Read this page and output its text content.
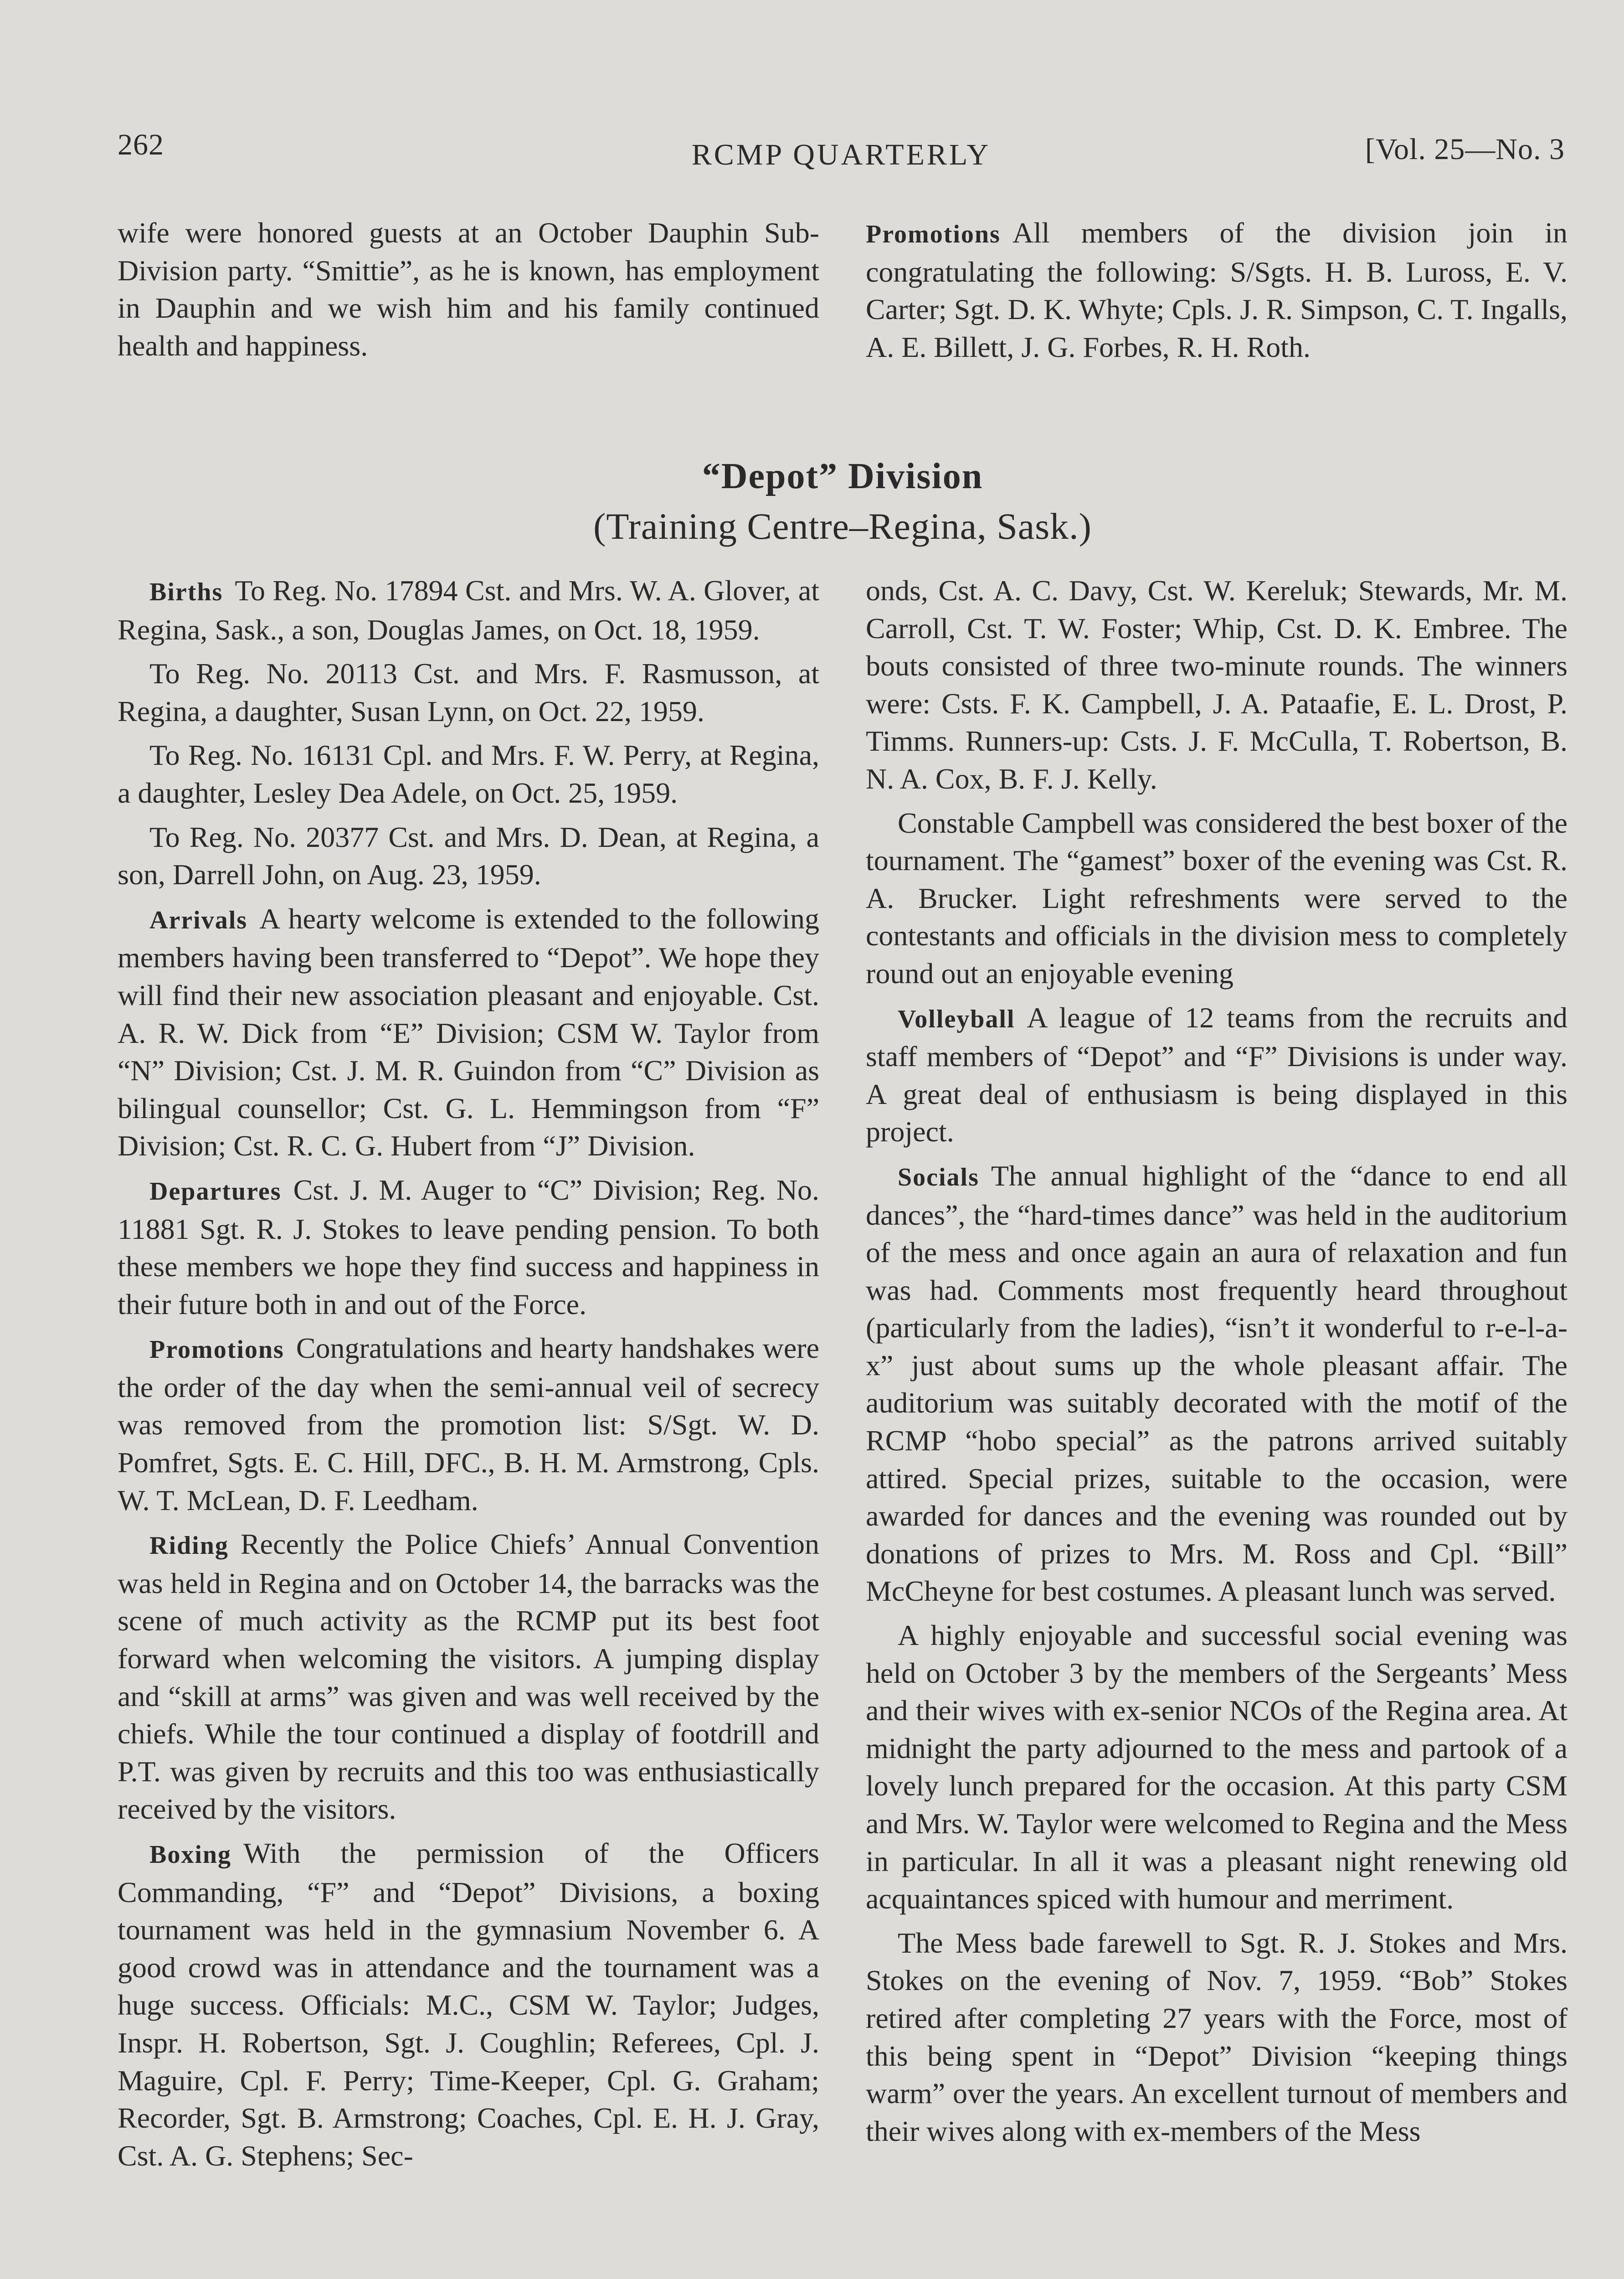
262	RCMP QUARTERLY	[Vol. 25—No. 3

wife were honored guests at an October Dauphin Sub-Division party. “Smittie”, as he is known, has employment in Dauphin and we wish him and his family continued health and happiness.

Promotions All members of the division join in congratulating the following: S/Sgts. H. B. Luross, E. V. Carter; Sgt. D. K. Whyte; Cpls. J. R. Simpson, C. T. Ingalls, A. E. Billett, J. G. Forbes, R. H. Roth.

“Depot” Division
(Training Centre–Regina, Sask.)

Births To Reg. No. 17894 Cst. and Mrs. W. A. Glover, at Regina, Sask., a son, Douglas James, on Oct. 18, 1959.

To Reg. No. 20113 Cst. and Mrs. F. Rasmusson, at Regina, a daughter, Susan Lynn, on Oct. 22, 1959.

To Reg. No. 16131 Cpl. and Mrs. F. W. Perry, at Regina, a daughter, Lesley Dea Adele, on Oct. 25, 1959.

To Reg. No. 20377 Cst. and Mrs. D. Dean, at Regina, a son, Darrell John, on Aug. 23, 1959.

Arrivals A hearty welcome is extended to the following members having been transferred to “Depot”. We hope they will find their new association pleasant and enjoyable. Cst. A. R. W. Dick from “E” Division; CSM W. Taylor from “N” Division; Cst. J. M. R. Guindon from “C” Division as bilingual counsellor; Cst. G. L. Hemmingson from “F” Division; Cst. R. C. G. Hubert from “J” Division.

Departures Cst. J. M. Auger to “C” Division; Reg. No. 11881 Sgt. R. J. Stokes to leave pending pension. To both these members we hope they find success and happiness in their future both in and out of the Force.

Promotions Congratulations and hearty handshakes were the order of the day when the semi-annual veil of secrecy was removed from the promotion list: S/Sgt. W. D. Pomfret, Sgts. E. C. Hill, DFC., B. H. M. Armstrong, Cpls. W. T. McLean, D. F. Leedham.

Riding Recently the Police Chiefs’ Annual Convention was held in Regina and on October 14, the barracks was the scene of much activity as the RCMP put its best foot forward when welcoming the visitors. A jumping display and “skill at arms” was given and was well received by the chiefs. While the tour continued a display of footdrill and P.T. was given by recruits and this too was enthusiastically received by the visitors.

Boxing With the permission of the Officers Commanding, “F” and “Depot” Divisions, a boxing tournament was held in the gymnasium November 6. A good crowd was in attendance and the tournament was a huge success. Officials: M.C., CSM W. Taylor; Judges, Inspr. H. Robertson, Sgt. J. Coughlin; Referees, Cpl. J. Maguire, Cpl. F. Perry; Time-Keeper, Cpl. G. Graham; Recorder, Sgt. B. Armstrong; Coaches, Cpl. E. H. J. Gray, Cst. A. G. Stephens; Sec-

onds, Cst. A. C. Davy, Cst. W. Kereluk; Stewards, Mr. M. Carroll, Cst. T. W. Foster; Whip, Cst. D. K. Embree. The bouts consisted of three two-minute rounds. The winners were: Csts. F. K. Campbell, J. A. Pataafie, E. L. Drost, P. Timms. Runners-up: Csts. J. F. McCulla, T. Robertson, B. N. A. Cox, B. F. J. Kelly.

Constable Campbell was considered the best boxer of the tournament. The “gamest” boxer of the evening was Cst. R. A. Brucker. Light refreshments were served to the contestants and officials in the division mess to completely round out an enjoyable evening

Volleyball A league of 12 teams from the recruits and staff members of “Depot” and “F” Divisions is under way. A great deal of enthusiasm is being displayed in this project.

Socials The annual highlight of the “dance to end all dances”, the “hard-times dance” was held in the auditorium of the mess and once again an aura of relaxation and fun was had. Comments most frequently heard throughout (particularly from the ladies), “isn’t it wonderful to r-e-l-a-x” just about sums up the whole pleasant affair. The auditorium was suitably decorated with the motif of the RCMP “hobo special” as the patrons arrived suitably attired. Special prizes, suitable to the occasion, were awarded for dances and the evening was rounded out by donations of prizes to Mrs. M. Ross and Cpl. “Bill” McCheyne for best costumes. A pleasant lunch was served.

A highly enjoyable and successful social evening was held on October 3 by the members of the Sergeants’ Mess and their wives with ex-senior NCOs of the Regina area. At midnight the party adjourned to the mess and partook of a lovely lunch prepared for the occasion. At this party CSM and Mrs. W. Taylor were welcomed to Regina and the Mess in particular. In all it was a pleasant night renewing old acquaintances spiced with humour and merriment.

The Mess bade farewell to Sgt. R. J. Stokes and Mrs. Stokes on the evening of Nov. 7, 1959. “Bob” Stokes retired after completing 27 years with the Force, most of this being spent in “Depot” Division “keeping things warm” over the years. An excellent turnout of members and their wives along with ex-members of the Mess
